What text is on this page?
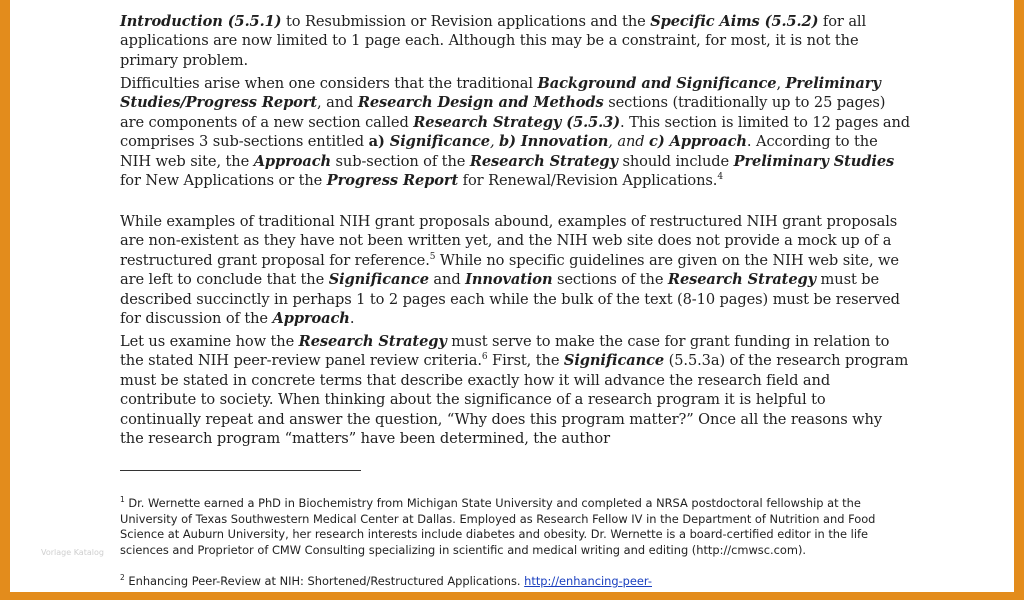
Introduction (5.5.1) to Resubmission or Revision applications and the Specific Aims (5.5.2) for all applications are now limited to 1 page each. Although this may be a constraint, for most, it is not the primary problem.

Difficulties arise when one considers that the traditional Background and Significance, Preliminary Studies/Progress Report, and Research Design and Methods sections (traditionally up to 25 pages) are components of a new section called Research Strategy (5.5.3). This section is limited to 12 pages and comprises 3 sub-sections entitled a) Significance, b) Innovation, and c) Approach. According to the NIH web site, the Approach sub-section of the Research Strategy should include Preliminary Studies for New Applications or the Progress Report for Renewal/Revision Applications.$^4$

While examples of traditional NIH grant proposals abound, examples of restructured NIH grant proposals are non-existent as they have not been written yet, and the NIH web site does not provide a mock up of a restructured grant proposal for reference.$^5$ While no specific guidelines are given on the NIH web site, we are left to conclude that the Significance and Innovation sections of the Research Strategy must be described succinctly in perhaps 1 to 2 pages each while the bulk of the text (8-10 pages) must be reserved for discussion of the Approach.

Let us examine how the Research Strategy must serve to make the case for grant funding in relation to the stated NIH peer-review panel review criteria.$^6$ First, the Significance (5.5.3a) of the research program must be stated in concrete terms that describe exactly how it will advance the research field and contribute to society. When thinking about the significance of a research program it is helpful to continually repeat and answer the question, “Why does this program matter?” Once all the reasons why the research program “matters” have been determined, the author

$^1$ Dr. Wernette earned a PhD in Biochemistry from Michigan State University and completed a NRSA postdoctoral fellowship at the University of Texas Southwestern Medical Center at Dallas. Employed as Research Fellow IV in the Department of Nutrition and Food Science at Auburn University, her research interests include diabetes and obesity. Dr. Wernette is a board-certified editor in the life sciences and Proprietor of CMW Consulting specializing in scientific and medical writing and editing (http://cmwsc.com).

$^2$ Enhancing Peer-Review at NIH: Shortened/Restructured Applications. http://enhancing-peer-

Vorlage Katalog
